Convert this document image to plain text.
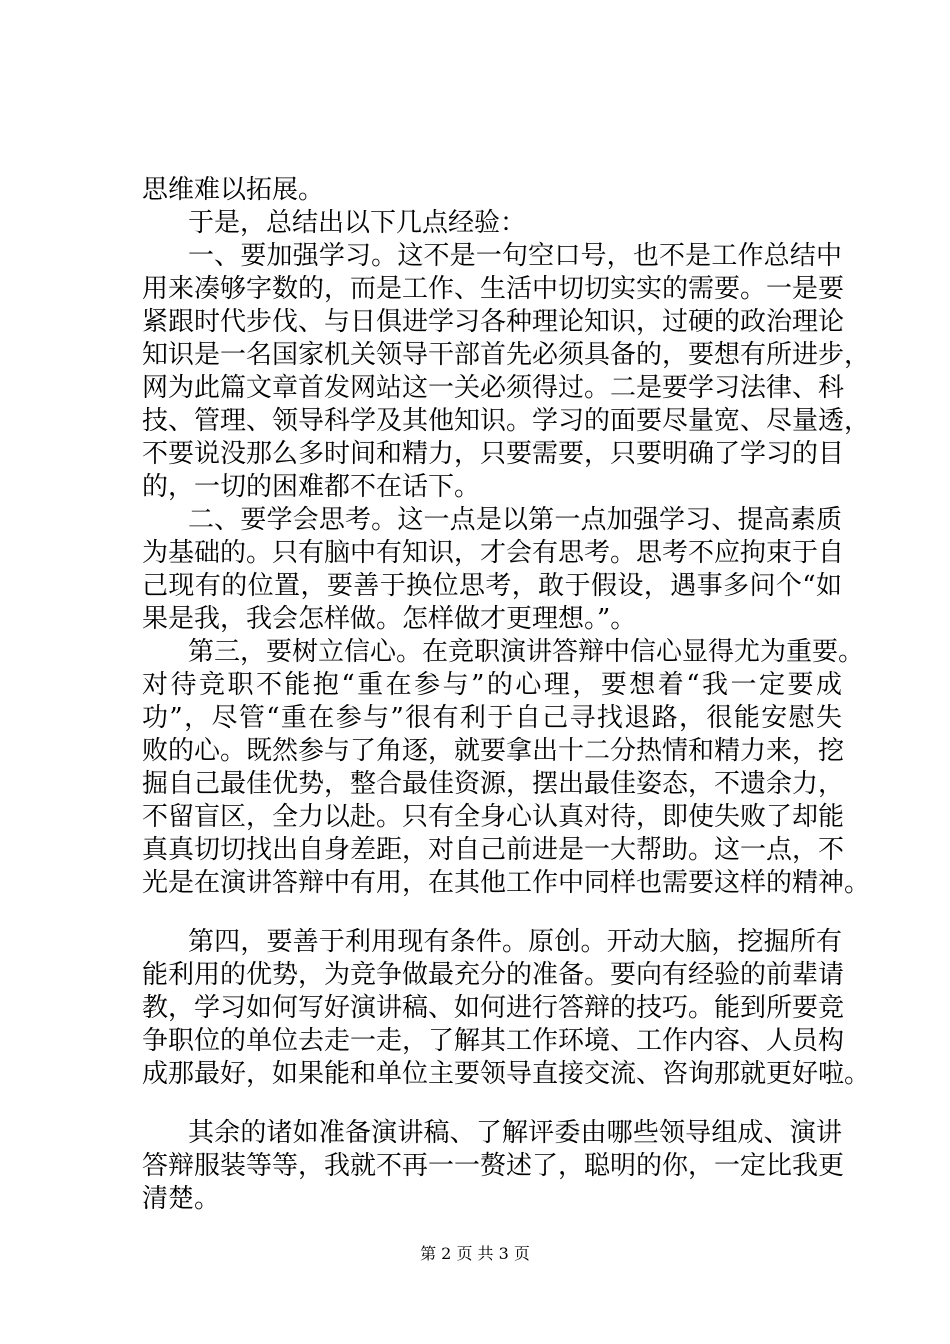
思维难以拓展。
于是，总结出以下几点经验：
一、要加强学习。这不是一句空口号，也不是工作总结中
用来凑够字数的，而是工作、生活中切切实实的需要。一是要
紧跟时代步伐、与日俱进学习各种理论知识，过硬的政治理论
知识是一名国家机关领导干部首先必须具备的，要想有所进步，
网为此篇文章首发网站这一关必须得过。二是要学习法律、科
技、管理、领导科学及其他知识。学习的面要尽量宽、尽量透，
不要说没那么多时间和精力，只要需要，只要明确了学习的目
的，一切的困难都不在话下。
二、要学会思考。这一点是以第一点加强学习、提高素质
为基础的。只有脑中有知识，才会有思考。思考不应拘束于自
己现有的位置，要善于换位思考，敢于假设，遇事多问个“如
果是我，我会怎样做。怎样做才更理想。”。
第三，要树立信心。在竞职演讲答辩中信心显得尤为重要。
对待竞职不能抱“重在参与”的心理，要想着“我一定要成
功”，尽管“重在参与”很有利于自己寻找退路，很能安慰失
败的心。既然参与了角逐，就要拿出十二分热情和精力来，挖
掘自己最佳优势，整合最佳资源，摆出最佳姿态，不遗余力，
不留盲区，全力以赴。只有全身心认真对待，即使失败了却能
真真切切找出自身差距，对自己前进是一大帮助。这一点，不
光是在演讲答辩中有用，在其他工作中同样也需要这样的精神。
第四，要善于利用现有条件。原创。开动大脑，挖掘所有
能利用的优势，为竞争做最充分的准备。要向有经验的前辈请
教，学习如何写好演讲稿、如何进行答辩的技巧。能到所要竞
争职位的单位去走一走，了解其工作环境、工作内容、人员构
成那最好，如果能和单位主要领导直接交流、咨询那就更好啦。
其余的诸如准备演讲稿、了解评委由哪些领导组成、演讲
答辩服装等等，我就不再一一赘述了，聪明的你，一定比我更
清楚。
第 2 页 共 3 页
